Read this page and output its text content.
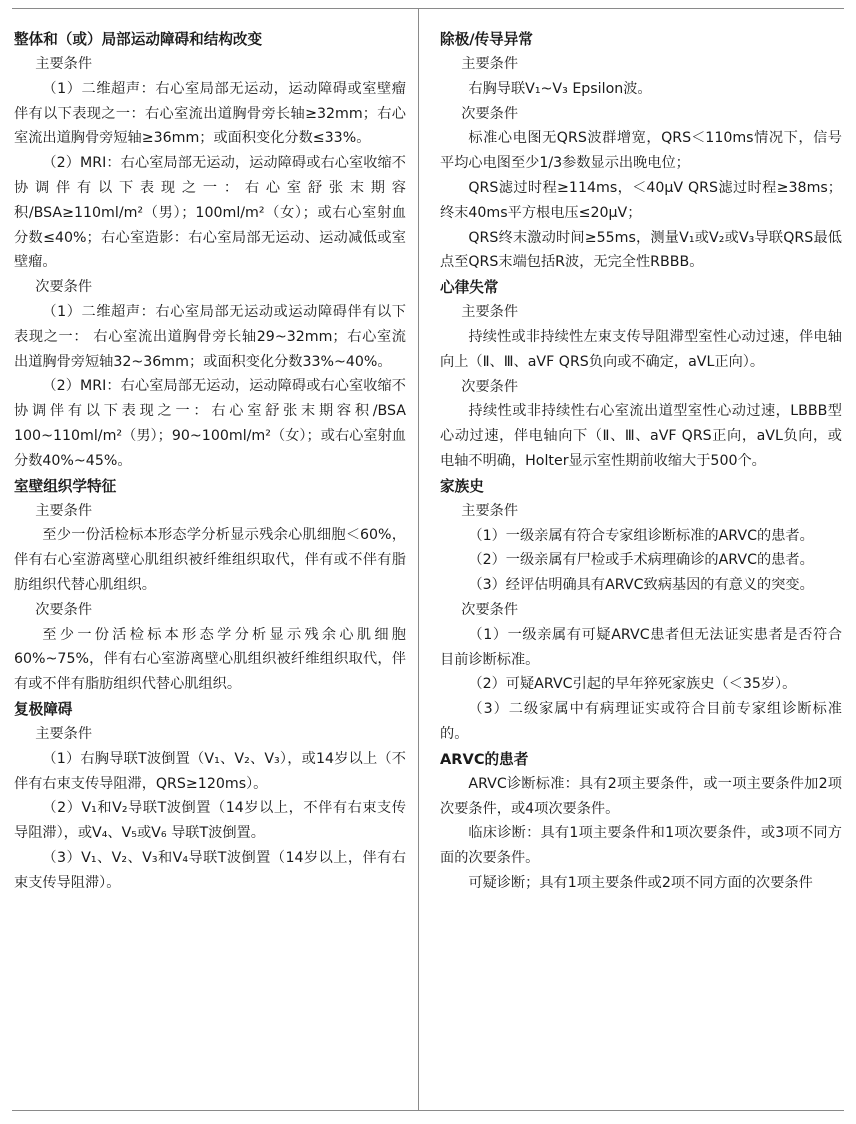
整体和（或）局部运动障碍和结构改变

主要条件

（1）二维超声：右心室局部无运动，运动障碍或室壁瘤伴有以下表现之一：右心室流出道胸骨旁长轴≥32mm；右心室流出道胸骨旁短轴≥36mm；或面积变化分数≤33%。

（2）MRI：右心室局部无运动，运动障碍或右心室收缩不协调伴有以下表现之一：右心室舒张末期容积/BSA≥110ml/m²（男）；100ml/m²（女）；或右心室射血分数≤40%；右心室造影：右心室局部无运动、运动减低或室壁瘤。

次要条件

（1）二维超声：右心室局部无运动或运动障碍伴有以下表现之一： 右心室流出道胸骨旁长轴29~32mm；右心室流出道胸骨旁短轴32~36mm；或面积变化分数33%~40%。

（2）MRI：右心室局部无运动，运动障碍或右心室收缩不协调伴有以下表现之一：右心室舒张末期容积/BSA 100~110ml/m²（男）；90~100ml/m²（女）；或右心室射血分数40%~45%。

室壁组织学特征

主要条件

至少一份活检标本形态学分析显示残余心肌细胞＜60%，伴有右心室游离壁心肌组织被纤维组织取代，伴有或不伴有脂肪组织代替心肌组织。

次要条件

至少一份活检标本形态学分析显示残余心肌细胞60%~75%，伴有右心室游离壁心肌组织被纤维组织取代，伴有或不伴有脂肪组织代替心肌组织。

复极障碍

主要条件

（1）右胸导联T波倒置（V₁、V₂、V₃），或14岁以上（不伴有右束支传导阻滞，QRS≥120ms）。

（2）V₁和V₂导联T波倒置（14岁以上，不伴有右束支传导阻滞），或V₄、V₅或V₆ 导联T波倒置。

（3）V₁、V₂、V₃和V₄导联T波倒置（14岁以上，伴有右束支传导阻滞）。

除极/传导异常

主要条件

右胸导联V₁~V₃ Epsilon波。

次要条件

标准心电图无QRS波群增宽，QRS＜110ms情况下，信号平均心电图至少1/3参数显示出晚电位；

QRS滤过时程≥114ms，＜40μV QRS滤过时程≥38ms；终末40ms平方根电压≤20μV；

QRS终末激动时间≥55ms，测量V₁或V₂或V₃导联QRS最低点至QRS末端包括R波，无完全性RBBB。

心律失常

主要条件

持续性或非持续性左束支传导阻滞型室性心动过速，伴电轴向上（Ⅱ、Ⅲ、aVF QRS负向或不确定，aVL正向）。

次要条件

持续性或非持续性右心室流出道型室性心动过速，LBBB型心动过速，伴电轴向下（Ⅱ、Ⅲ、aVF QRS正向，aVL负向，或电轴不明确，Holter显示室性期前收缩大于500个。

家族史

主要条件

（1）一级亲属有符合专家组诊断标准的ARVC的患者。

（2）一级亲属有尸检或手术病理确诊的ARVC的患者。

（3）经评估明确具有ARVC致病基因的有意义的突变。

次要条件

（1）一级亲属有可疑ARVC患者但无法证实患者是否符合目前诊断标准。

（2）可疑ARVC引起的早年猝死家族史（＜35岁）。

（3）二级家属中有病理证实或符合目前专家组诊断标准的。

ARVC的患者

ARVC诊断标准：具有2项主要条件，或一项主要条件加2项次要条件，或4项次要条件。

临床诊断：具有1项主要条件和1项次要条件，或3项不同方面的次要条件。

可疑诊断；具有1项主要条件或2项不同方面的次要条件
